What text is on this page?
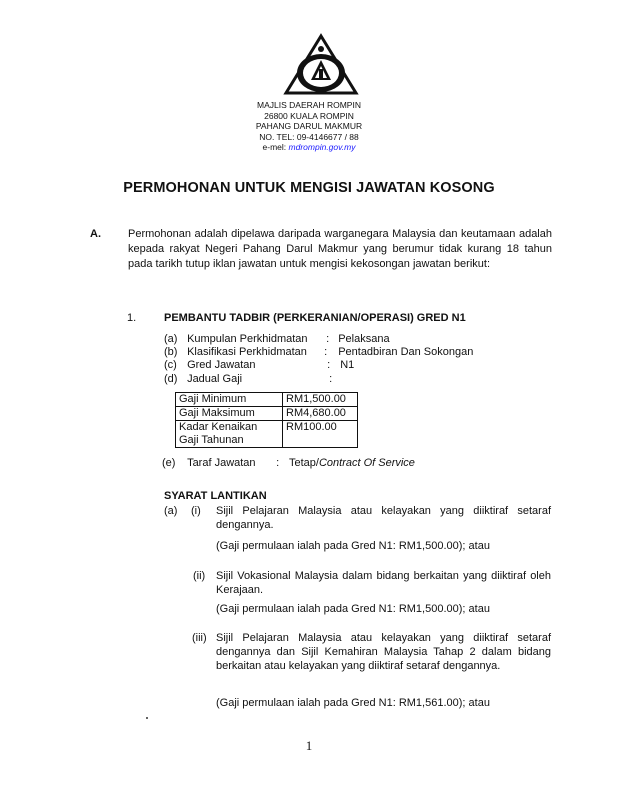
MAJLIS DAERAH ROMPIN
26800 KUALA ROMPIN
PAHANG DARUL MAKMUR
NO. TEL: 09-4146677 / 88
e-mel: mdrompin.gov.my
PERMOHONAN UNTUK MENGISI JAWATAN KOSONG
A. Permohonan adalah dipelawa daripada warganegara Malaysia dan keutamaan adalah kepada rakyat Negeri Pahang Darul Makmur yang berumur tidak kurang 18 tahun pada tarikh tutup iklan jawatan untuk mengisi kekosongan jawatan berikut:
1.	PEMBANTU TADBIR (PERKERANIAN/OPERASI) GRED N1
(a) Kumpulan Perkhidmatan : Pelaksana
(b) Klasifikasi Perkhidmatan : Pentadbiran Dan Sokongan
(c) Gred Jawatan	: N1
(d) Jadual Gaji	:
Gaji Minimum	RM1,500.00
Gaji Maksimum	RM4,680.00
Kadar Kenaikan Gaji Tahunan	RM100.00
(e) Taraf Jawatan : Tetap/Contract Of Service
SYARAT LANTIKAN
(a) (i) Sijil Pelajaran Malaysia atau kelayakan yang diiktiraf setaraf dengannya.
(Gaji permulaan ialah pada Gred N1: RM1,500.00); atau
(ii) Sijil Vokasional Malaysia dalam bidang berkaitan yang diiktiraf oleh Kerajaan.
(Gaji permulaan ialah pada Gred N1: RM1,500.00); atau
(iii) Sijil Pelajaran Malaysia atau kelayakan yang diiktiraf setaraf dengannya dan Sijil Kemahiran Malaysia Tahap 2 dalam bidang berkaitan atau kelayakan yang diiktiraf setaraf dengannya.
(Gaji permulaan ialah pada Gred N1: RM1,561.00); atau
1
